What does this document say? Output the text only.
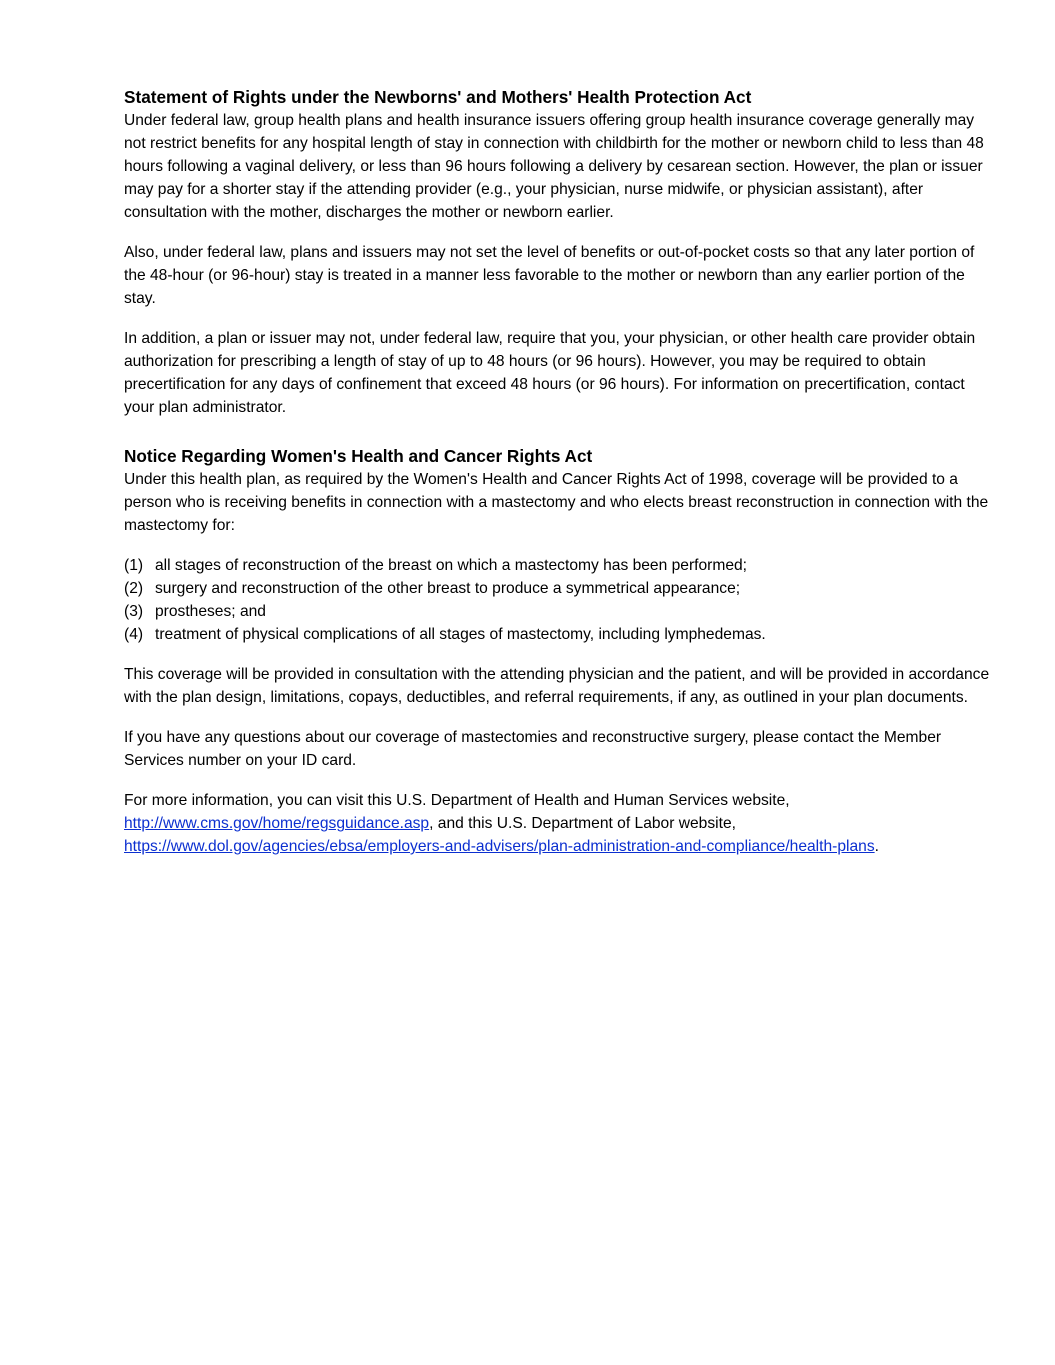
Statement of Rights under the Newborns' and Mothers' Health Protection Act

Under federal law, group health plans and health insurance issuers offering group health insurance coverage generally may not restrict benefits for any hospital length of stay in connection with childbirth for the mother or newborn child to less than 48 hours following a vaginal delivery, or less than 96 hours following a delivery by cesarean section. However, the plan or issuer may pay for a shorter stay if the attending provider (e.g., your physician, nurse midwife, or physician assistant), after consultation with the mother, discharges the mother or newborn earlier.

Also, under federal law, plans and issuers may not set the level of benefits or out-of-pocket costs so that any later portion of the 48-hour (or 96-hour) stay is treated in a manner less favorable to the mother or newborn than any earlier portion of the stay.

In addition, a plan or issuer may not, under federal law, require that you, your physician, or other health care provider obtain authorization for prescribing a length of stay of up to 48 hours (or 96 hours). However, you may be required to obtain precertification for any days of confinement that exceed 48 hours (or 96 hours). For information on precertification, contact your plan administrator.

Notice Regarding Women's Health and Cancer Rights Act

Under this health plan, as required by the Women's Health and Cancer Rights Act of 1998, coverage will be provided to a person who is receiving benefits in connection with a mastectomy and who elects breast reconstruction in connection with the mastectomy for:

(1) all stages of reconstruction of the breast on which a mastectomy has been performed;
(2) surgery and reconstruction of the other breast to produce a symmetrical appearance;
(3) prostheses; and
(4) treatment of physical complications of all stages of mastectomy, including lymphedemas.

This coverage will be provided in consultation with the attending physician and the patient, and will be provided in accordance with the plan design, limitations, copays, deductibles, and referral requirements, if any, as outlined in your plan documents.

If you have any questions about our coverage of mastectomies and reconstructive surgery, please contact the Member Services number on your ID card.

For more information, you can visit this U.S. Department of Health and Human Services website,
http://www.cms.gov/home/regsguidance.asp, and this U.S. Department of Labor website,
https://www.dol.gov/agencies/ebsa/employers-and-advisers/plan-administration-and-compliance/health-plans.
